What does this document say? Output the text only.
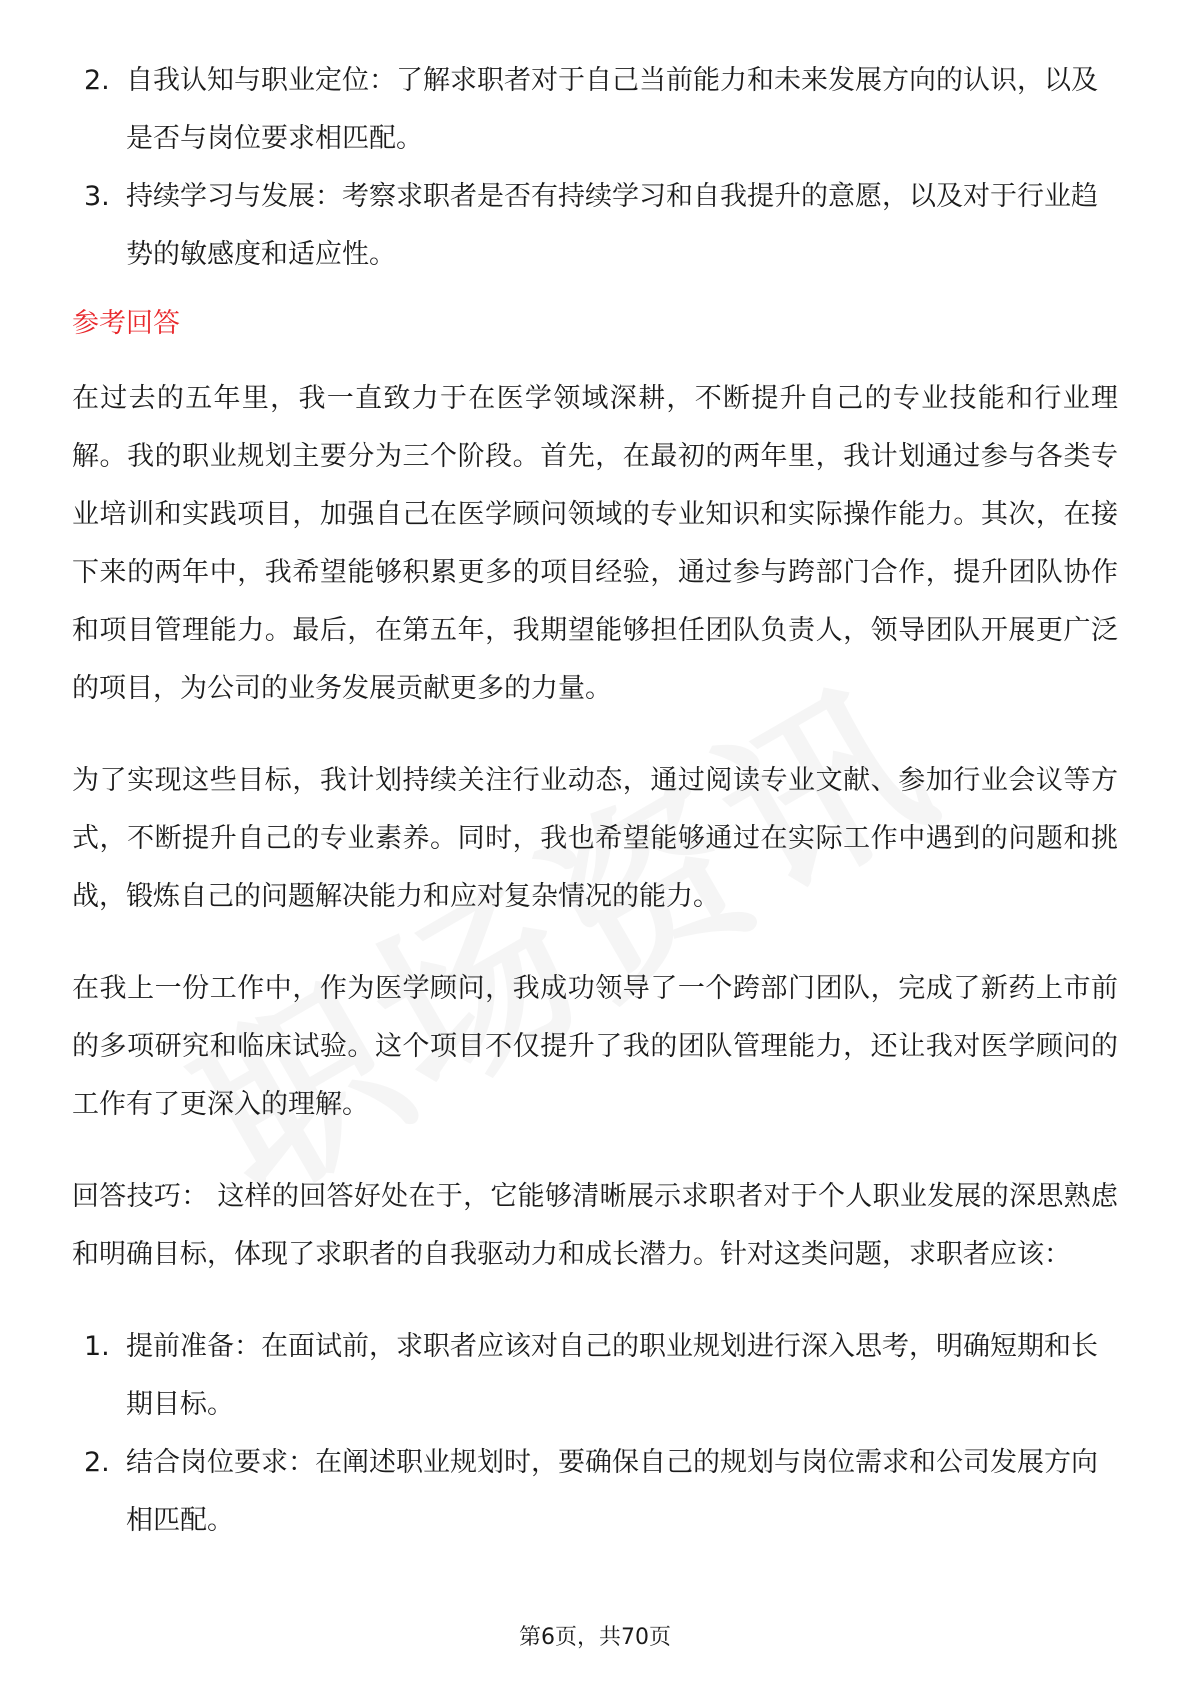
2. 自我认知与职业定位：了解求职者对于自己当前能力和未来发展方向的认识，以及是否与岗位要求相匹配。
3. 持续学习与发展：考察求职者是否有持续学习和自我提升的意愿，以及对于行业趋势的敏感度和适应性。
参考回答

在过去的五年里，我一直致力于在医学领域深耕，不断提升自己的专业技能和行业理解。我的职业规划主要分为三个阶段。首先，在最初的两年里，我计划通过参与各类专业培训和实践项目，加强自己在医学顾问领域的专业知识和实际操作能力。其次，在接下来的两年中，我希望能够积累更多的项目经验，通过参与跨部门合作，提升团队协作和项目管理能力。最后，在第五年，我期望能够担任团队负责人，领导团队开展更广泛的项目，为公司的业务发展贡献更多的力量。

为了实现这些目标，我计划持续关注行业动态，通过阅读专业文献、参加行业会议等方式，不断提升自己的专业素养。同时，我也希望能够通过在实际工作中遇到的问题和挑战，锻炼自己的问题解决能力和应对复杂情况的能力。

在我上一份工作中，作为医学顾问，我成功领导了一个跨部门团队，完成了新药上市前的多项研究和临床试验。这个项目不仅提升了我的团队管理能力，还让我对医学顾问的工作有了更深入的理解。

回答技巧： 这样的回答好处在于，它能够清晰展示求职者对于个人职业发展的深思熟虑和明确目标，体现了求职者的自我驱动力和成长潜力。针对这类问题，求职者应该：

1. 提前准备：在面试前，求职者应该对自己的职业规划进行深入思考，明确短期和长期目标。
2. 结合岗位要求：在阐述职业规划时，要确保自己的规划与岗位需求和公司发展方向相匹配。
第6页，共70页
